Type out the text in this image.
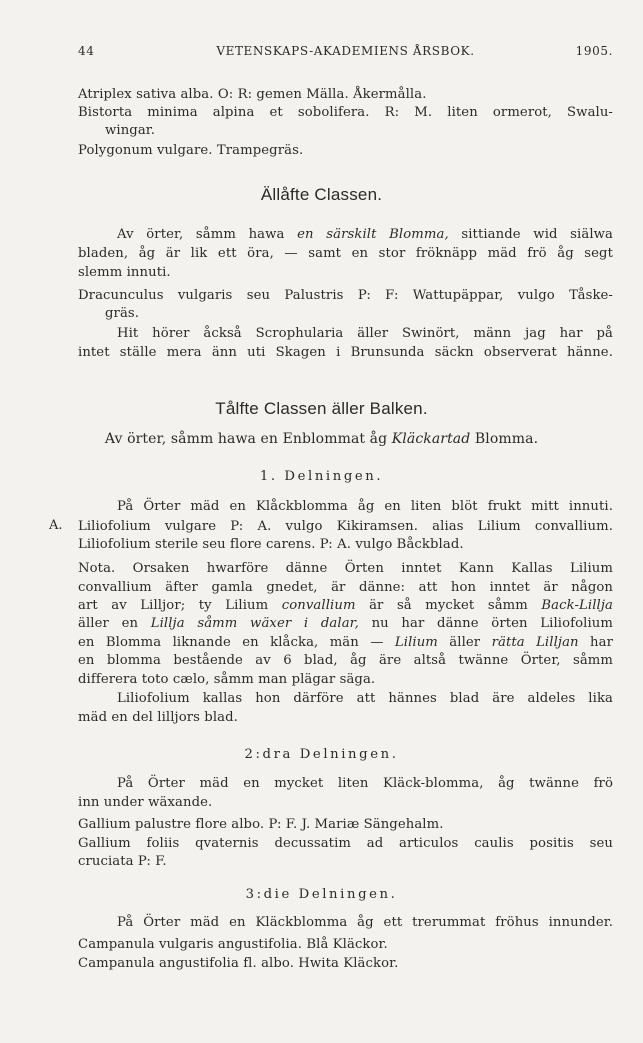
44	VETENSKAPS-AKADEMIENS ÅRSBOK.	1905.
Atriplex sativa alba. O: R: gemen Mälla. Åkermålla.
Bistorta minima alpina et sobolifera. R: M. liten ormerot, Swalu-
wingar.
Polygonum vulgare. Trampegräs.
Ällåfte Classen.
Av örter, såmm hawa en särskilt Blomma, sittiande wid siälwa
bladen, åg är lik ett öra, — samt en stor fröknäpp mäd frö åg segt
slemm innuti.
Dracunculus vulgaris seu Palustris P: F: Wattupäppar, vulgo Tåske-
gräs.
Hit hörer åckså Scrophularia äller Swinört, männ jag har på
intet ställe mera änn uti Skagen i Brunsunda säckn observerat hänne.
Tålfte Classen äller Balken.
Av örter, såmm hawa en Enblommat åg Kläckartad Blomma.
1. Delningen.
På Örter mäd en Klåckblomma åg en liten blöt frukt mitt innuti.
A. Liliofolium vulgare P: A. vulgo Kikiramsen. alias Lilium convallium.
Liliofolium sterile seu flore carens. P: A. vulgo Båckblad.
Nota. Orsaken hwarföre dänne Örten inntet Kann Kallas Lilium
convallium äfter gamla gnedet, är dänne: att hon inntet är någon
art av Lilljor; ty Lilium convallium är så mycket såmm Back-Lillja
äller en Lillja såmm wäxer i dalar, nu har dänne örten Liliofolium
en Blomma liknande en klåcka, män — Lilium äller rätta Lilljan har
en blomma bestående av 6 blad, åg äre altså twänne Örter, såmm
differera toto cælo, såmm man plägar säga.
Liliofolium kallas hon därföre att hännes blad äre aldeles lika
mäd en del lilljors blad.
2:dra Delningen.
På Örter mäd en mycket liten Kläck-blomma, åg twänne frö
inn under wäxande.
Gallium palustre flore albo. P: F. J. Mariæ Sängehalm.
Gallium foliis qvaternis decussatim ad articulos caulis positis seu
cruciata P: F.
3:die Delningen.
På Örter mäd en Kläckblomma åg ett trerummat fröhus innunder.
Campanula vulgaris angustifolia. Blå Kläckor.
Campanula angustifolia fl. albo. Hwita Kläckor.
